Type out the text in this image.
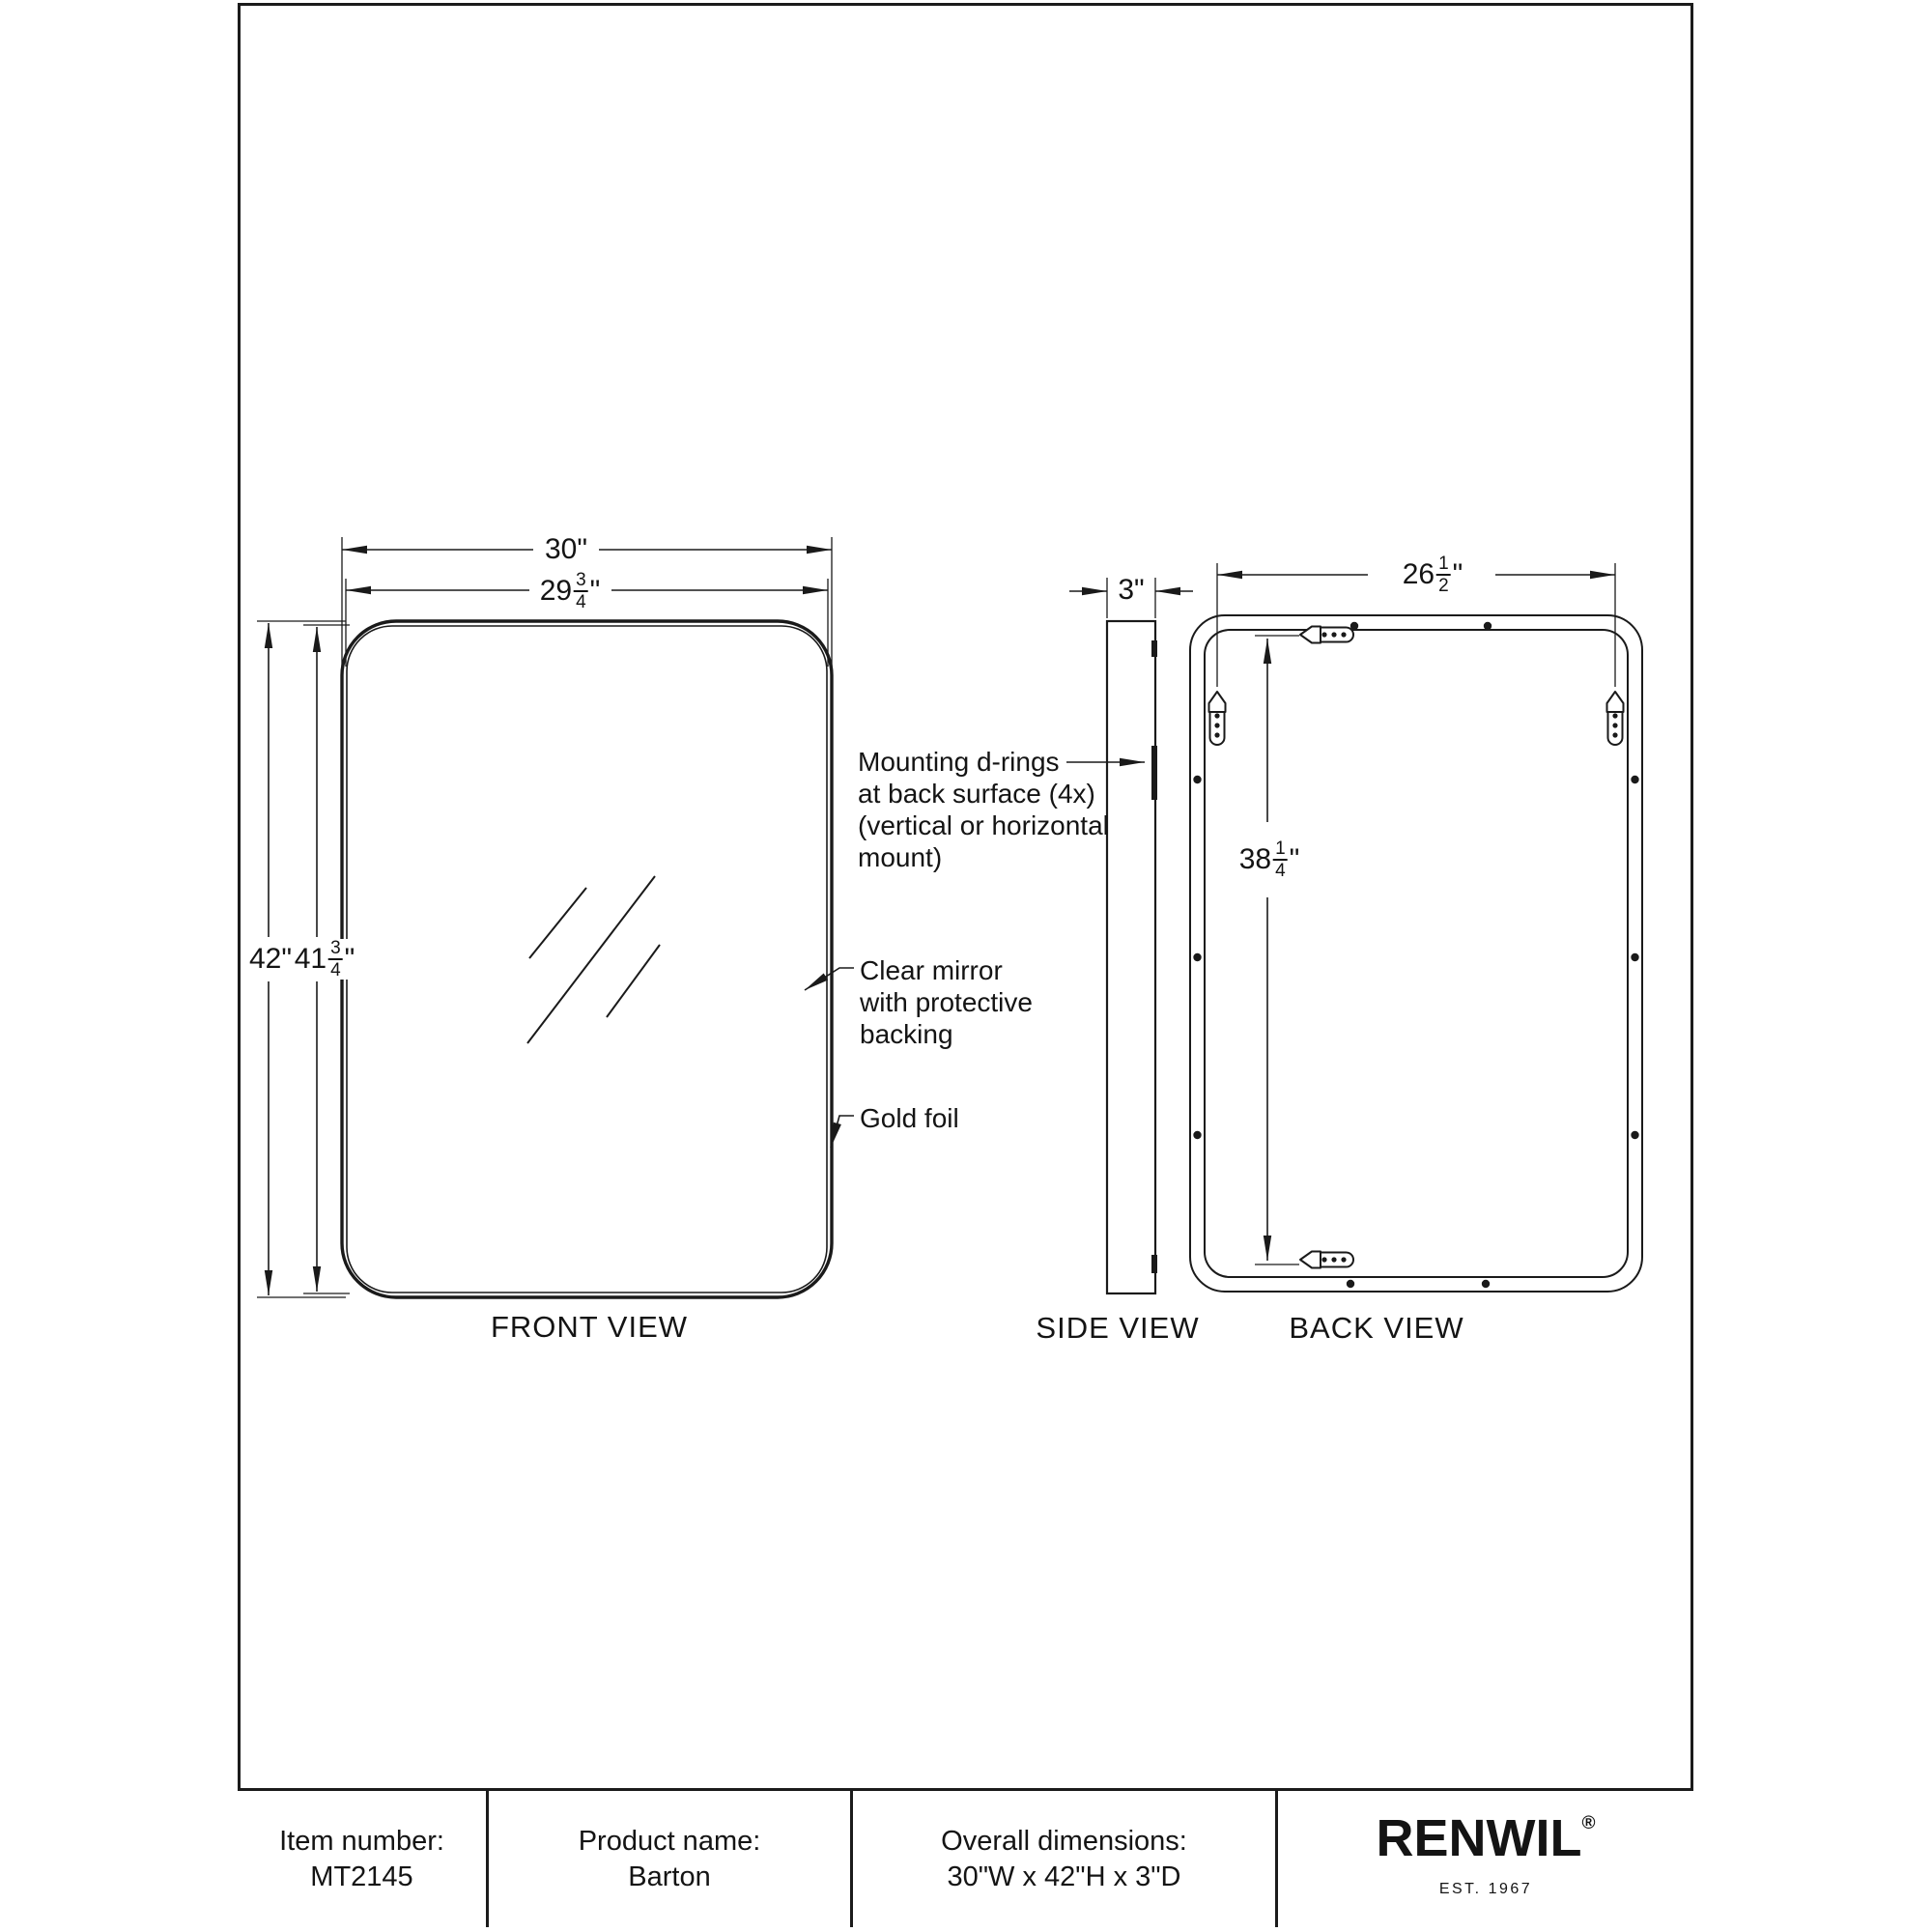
30 "
$29 \frac{3}{4}$ "
42 " $41 \frac{3}{4}$ "
3 "	$26 \frac{1}{2}$ "
$38 \frac{1}{4}$ "
Mounting d-rings
at back surface (4x)
(vertical or horizontal
mount)
Clear mirror
with protective
backing
Gold foil
FRONT VIEW	SIDE VIEW	BACK VIEW
Item number:
MT2145
Product name:
Barton
Overall dimensions:
30"W x 42"H x 3"D
RENWIL ®
EST. 1967
